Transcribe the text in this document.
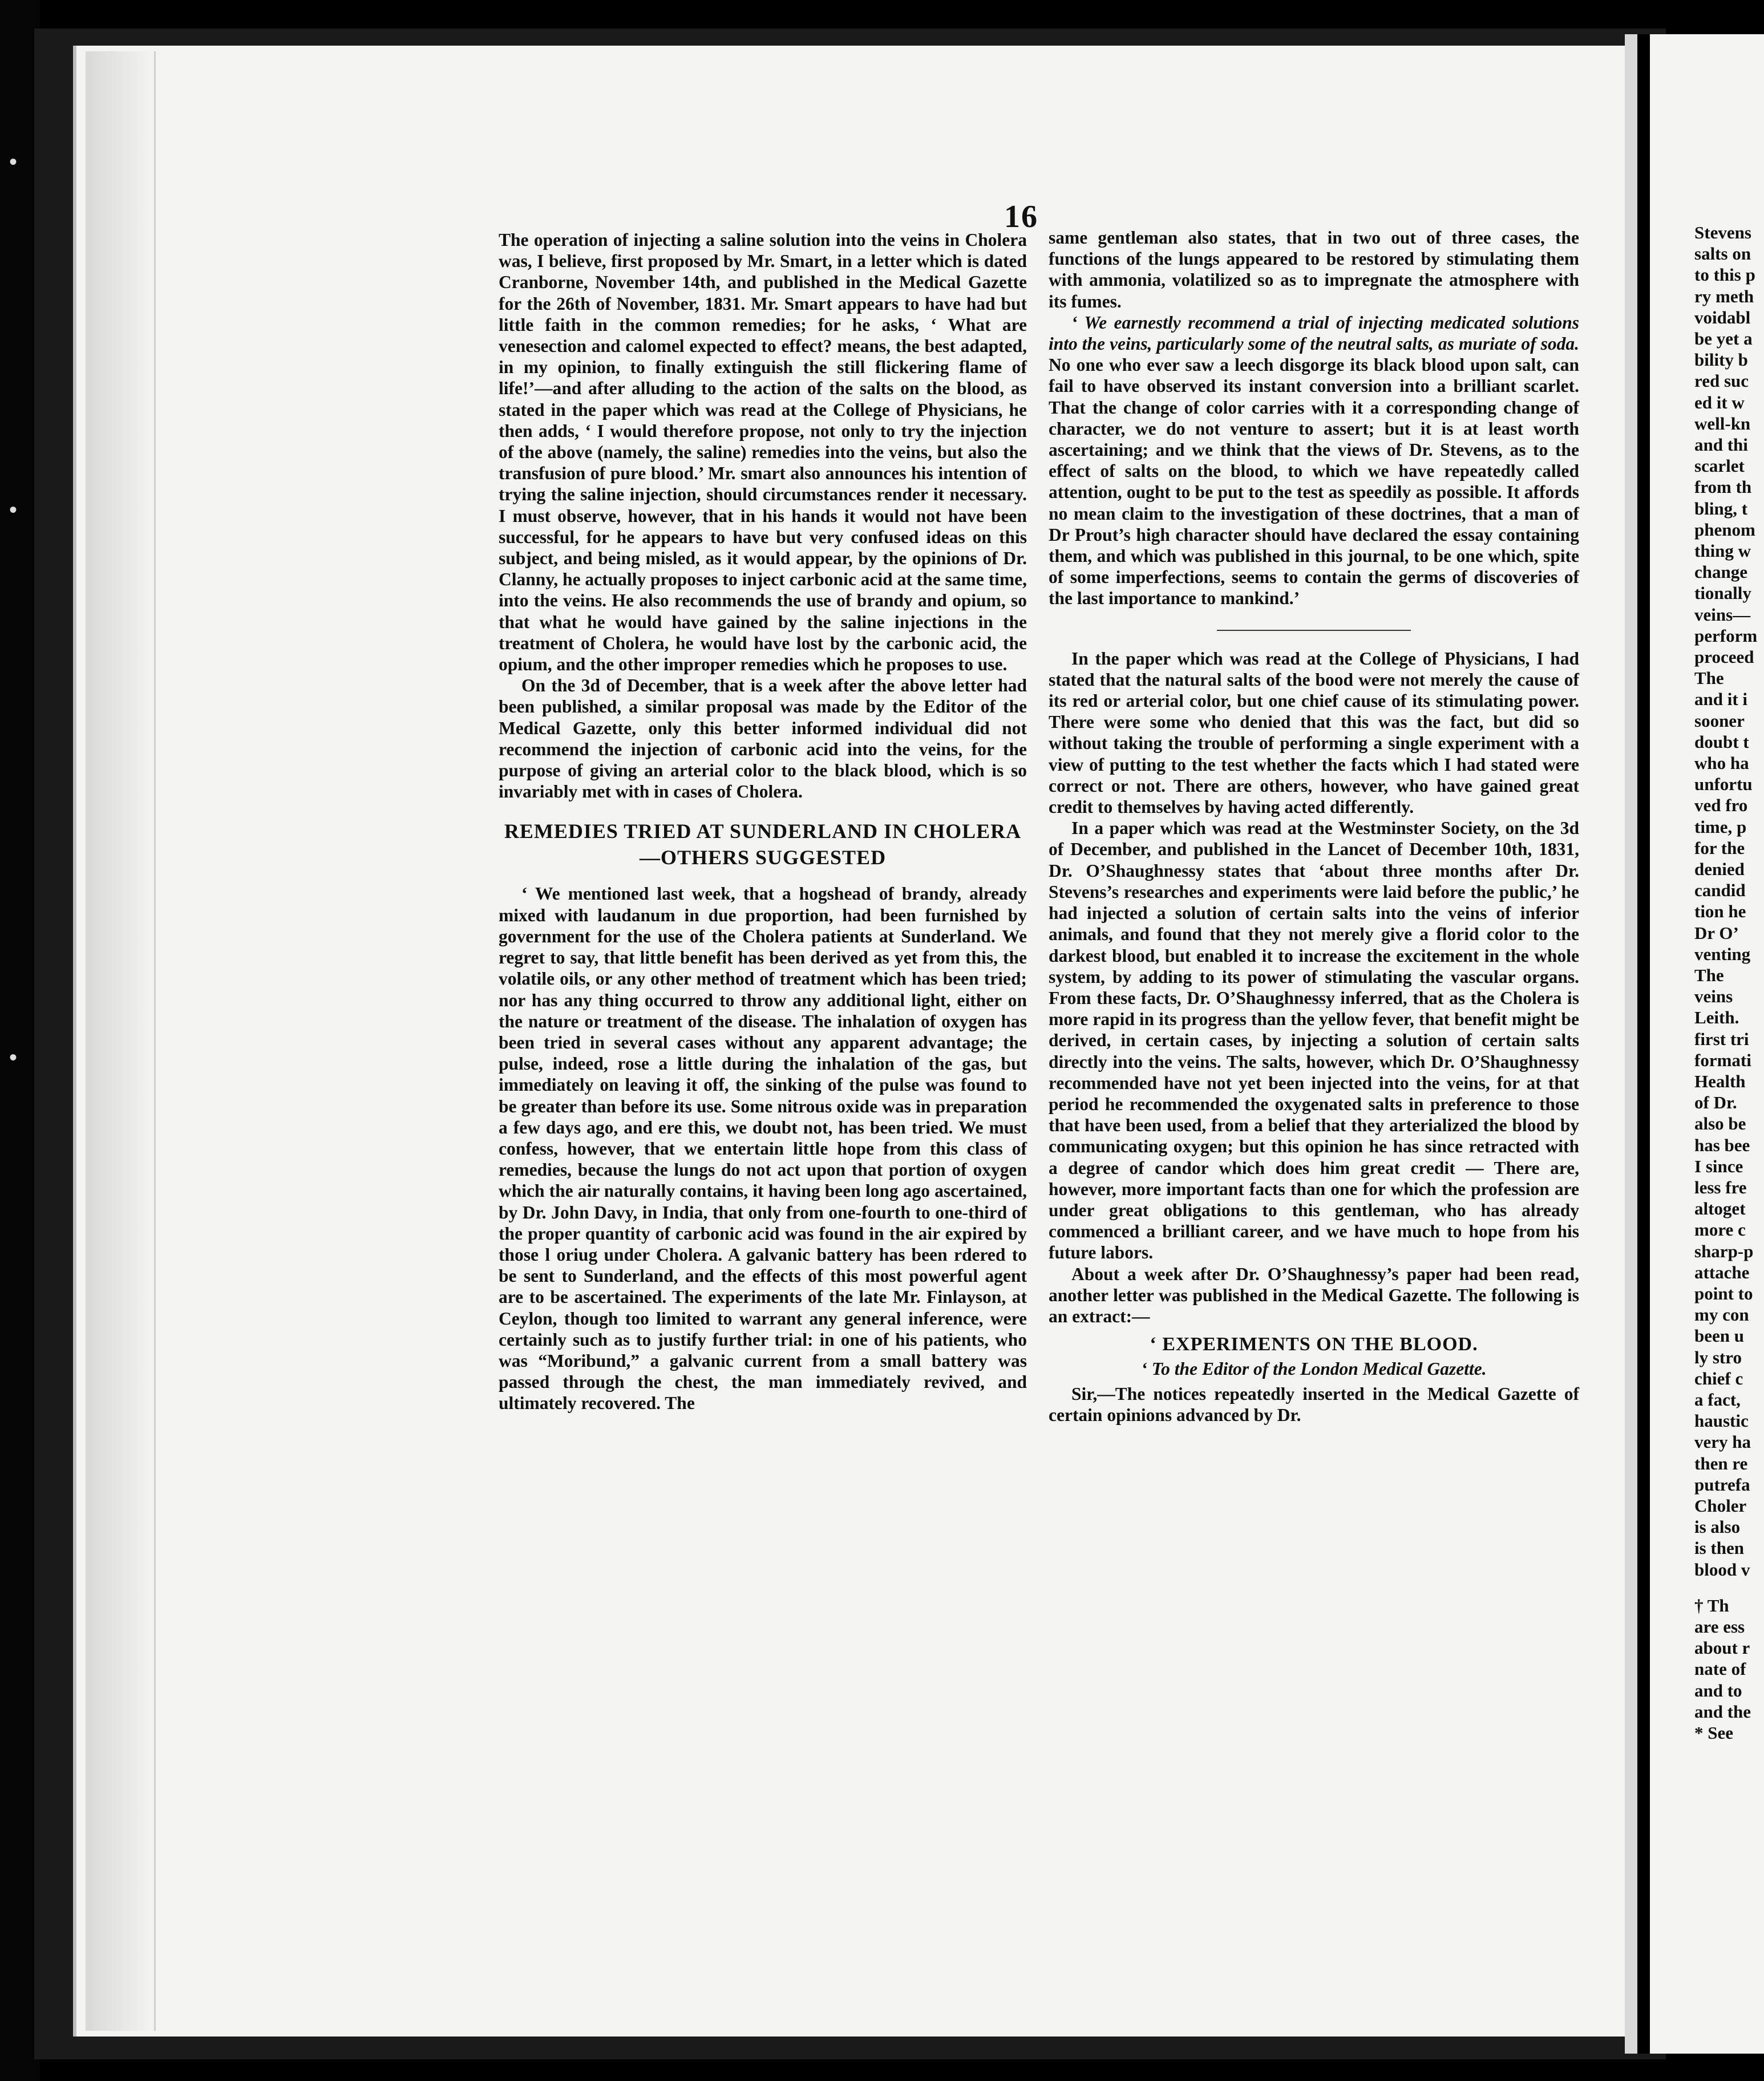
•
•
•
Stevens
salts on
to this p
ry meth
voidabl
be yet a
bility b
red suc
ed it w
well-kn
and thi
scarlet
from th
bling, t
phenom
thing w
change
tionally
veins—
perform
proceed
The
and it i
sooner
doubt t
who ha
unfortu
ved fro
time, p
for the
denied
candid
tion he
Dr O’
venting
The
veins
Leith.
first tri
formati
Health
of Dr.
also be
has bee
I since
less fre
altoget
more c
sharp-p
attache
point to
my con
been u
ly stro
chief c
a fact,
haustic
very ha
then re
putrefa
Choler
is also
is then
blood v
† Th
are ess
about r
nate of
and to
and the
* See
16

The operation of injecting a saline solution into the veins in Cholera was, I believe, first proposed by Mr. Smart, in a letter which is dated Cranborne, November 14th, and published in the Medical Gazette for the 26th of November, 1831. Mr. Smart appears to have had but little faith in the common remedies; for he asks, ‘ What are venesection and calomel expected to effect? means, the best adapted, in my opinion, to finally extinguish the still flickering flame of life!’—and after alluding to the action of the salts on the blood, as stated in the paper which was read at the College of Physicians, he then adds, ‘ I would therefore propose, not only to try the injection of the above (namely, the saline) remedies into the veins, but also the transfusion of pure blood.’ Mr. smart also announces his intention of trying the saline injection, should circumstances render it necessary. I must observe, however, that in his hands it would not have been successful, for he appears to have but very confused ideas on this subject, and being misled, as it would appear, by the opinions of Dr. Clanny, he actually proposes to inject carbonic acid at the same time, into the veins. He also recommends the use of brandy and opium, so that what he would have gained by the saline injections in the treatment of Cholera, he would have lost by the carbonic acid, the opium, and the other improper remedies which he proposes to use.

On the 3d of December, that is a week after the above letter had been published, a similar proposal was made by the Editor of the Medical Gazette, only this better informed individual did not recommend the injection of carbonic acid into the veins, for the purpose of giving an arterial color to the black blood, which is so invariably met with in cases of Cholera.

REMEDIES TRIED AT SUNDERLAND IN CHOLERA—OTHERS SUGGESTED

‘ We mentioned last week, that a hogshead of brandy, already mixed with laudanum in due proportion, had been furnished by government for the use of the Cholera patients at Sunderland. We regret to say, that little benefit has been derived as yet from this, the volatile oils, or any other method of treatment which has been tried; nor has any thing occurred to throw any additional light, either on the nature or treatment of the disease. The inhalation of oxygen has been tried in several cases without any apparent advantage; the pulse, indeed, rose a little during the inhalation of the gas, but immediately on leaving it off, the sinking of the pulse was found to be greater than before its use. Some nitrous oxide was in preparation a few days ago, and ere this, we doubt not, has been tried. We must confess, however, that we entertain little hope from this class of remedies, because the lungs do not act upon that portion of oxygen which the air naturally contains, it having been long ago ascertained, by Dr. John Davy, in India, that only from one-fourth to one-third of the proper quantity of carbonic acid was found in the air expired by those l oriug under Cholera. A galvanic battery has been rdered to be sent to Sunderland, and the effects of this most powerful agent are to be ascertained. The experiments of the late Mr. Finlayson, at Ceylon, though too limited to warrant any general inference, were certainly such as to justify further trial: in one of his patients, who was “Moribund,” a galvanic current from a small battery was passed through the chest, the man immediately revived, and ultimately recovered. The

same gentleman also states, that in two out of three cases, the functions of the lungs appeared to be restored by stimulating them with ammonia, volatilized so as to impregnate the atmosphere with its fumes.

‘ We earnestly recommend a trial of injecting medicated solutions into the veins, particularly some of the neutral salts, as muriate of soda. No one who ever saw a leech disgorge its black blood upon salt, can fail to have observed its instant conversion into a brilliant scarlet. That the change of color carries with it a corresponding change of character, we do not venture to assert; but it is at least worth ascertaining; and we think that the views of Dr. Stevens, as to the effect of salts on the blood, to which we have repeatedly called attention, ought to be put to the test as speedily as possible. It affords no mean claim to the investigation of these doctrines, that a man of Dr Prout’s high character should have declared the essay containing them, and which was published in this journal, to be one which, spite of some imperfections, seems to contain the germs of discoveries of the last importance to mankind.’

In the paper which was read at the College of Physicians, I had stated that the natural salts of the bood were not merely the cause of its red or arterial color, but one chief cause of its stimulating power. There were some who denied that this was the fact, but did so without taking the trouble of performing a single experiment with a view of putting to the test whether the facts which I had stated were correct or not. There are others, however, who have gained great credit to themselves by having acted differently.

In a paper which was read at the Westminster Society, on the 3d of December, and published in the Lancet of December 10th, 1831, Dr. O’Shaughnessy states that ‘about three months after Dr. Stevens’s researches and experiments were laid before the public,’ he had injected a solution of certain salts into the veins of inferior animals, and found that they not merely give a florid color to the darkest blood, but enabled it to increase the excitement in the whole system, by adding to its power of stimulating the vascular organs. From these facts, Dr. O’Shaughnessy inferred, that as the Cholera is more rapid in its progress than the yellow fever, that benefit might be derived, in certain cases, by injecting a solution of certain salts directly into the veins. The salts, however, which Dr. O’Shaughnessy recommended have not yet been injected into the veins, for at that period he recommended the oxygenated salts in preference to those that have been used, from a belief that they arterialized the blood by communicating oxygen; but this opinion he has since retracted with a degree of candor which does him great credit — There are, however, more important facts than one for which the profession are under great obligations to this gentleman, who has already commenced a brilliant career, and we have much to hope from his future labors.

About a week after Dr. O’Shaughnessy’s paper had been read, another letter was published in the Medical Gazette. The following is an extract:—

‘ EXPERIMENTS ON THE BLOOD.
‘ To the Editor of the London Medical Gazette.

Sir,—The notices repeatedly inserted in the Medical Gazette of certain opinions advanced by Dr.
